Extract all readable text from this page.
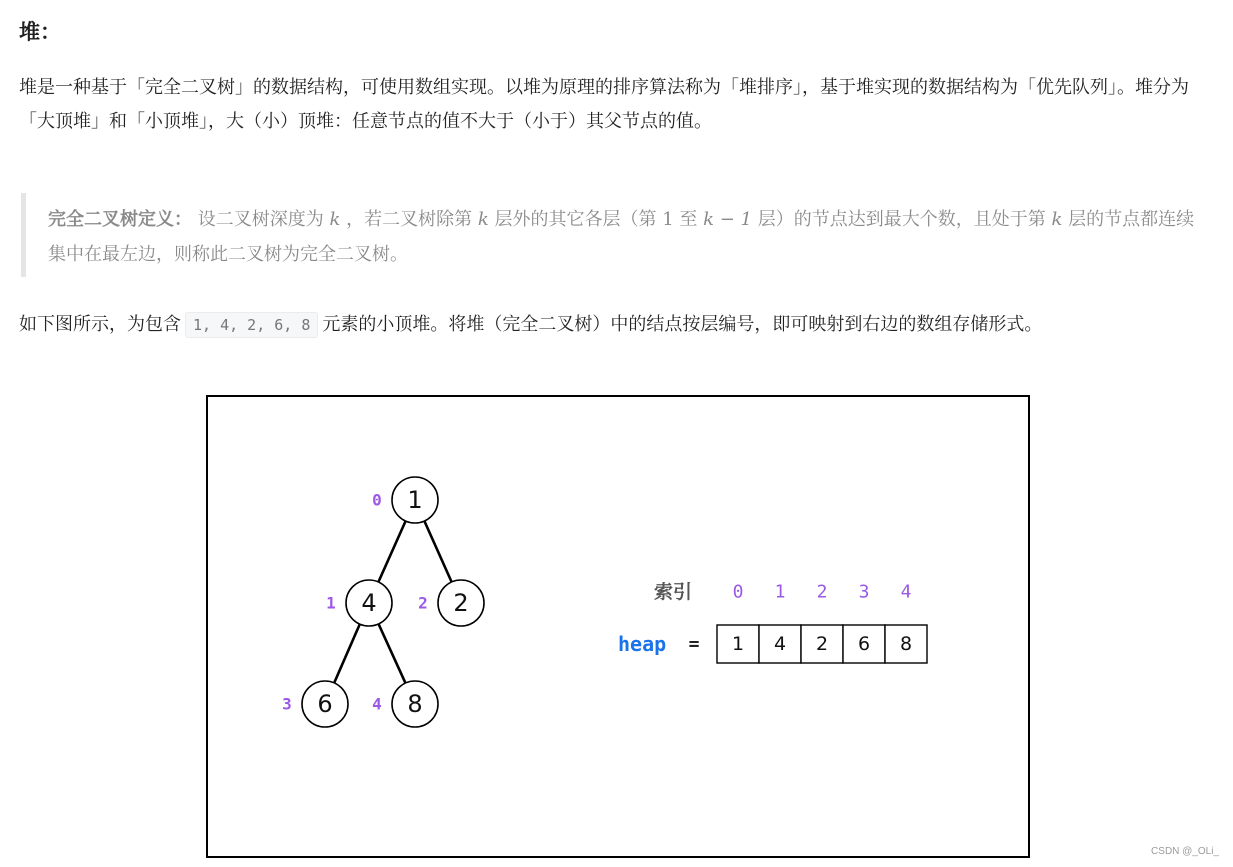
堆：
堆是一种基于「完全二叉树」的数据结构，可使用数组实现。以堆为原理的排序算法称为「堆排序」，基于堆实现的数据结构为「优先队列」。堆分为「大顶堆」和「小顶堆」，大（小）顶堆：任意节点的值不大于（小于）其父节点的值。
完全二叉树定义： 设二叉树深度为 k ，若二叉树除第 k 层外的其它各层（第 1 至 k − 1 层）的节点达到最大个数，且处于第 k 层的节点都连续集中在最左边，则称此二叉树为完全二叉树。
如下图所示，为包含 1, 4, 2, 6, 8 元素的小顶堆。将堆（完全二叉树）中的结点按层编号，即可映射到右边的数组存储形式。
1
0
4
1	2
2
6
3	8
4
索引 0 1 2 3 4
heap = 1 4 2 6 8
CSDN @_OLi_
